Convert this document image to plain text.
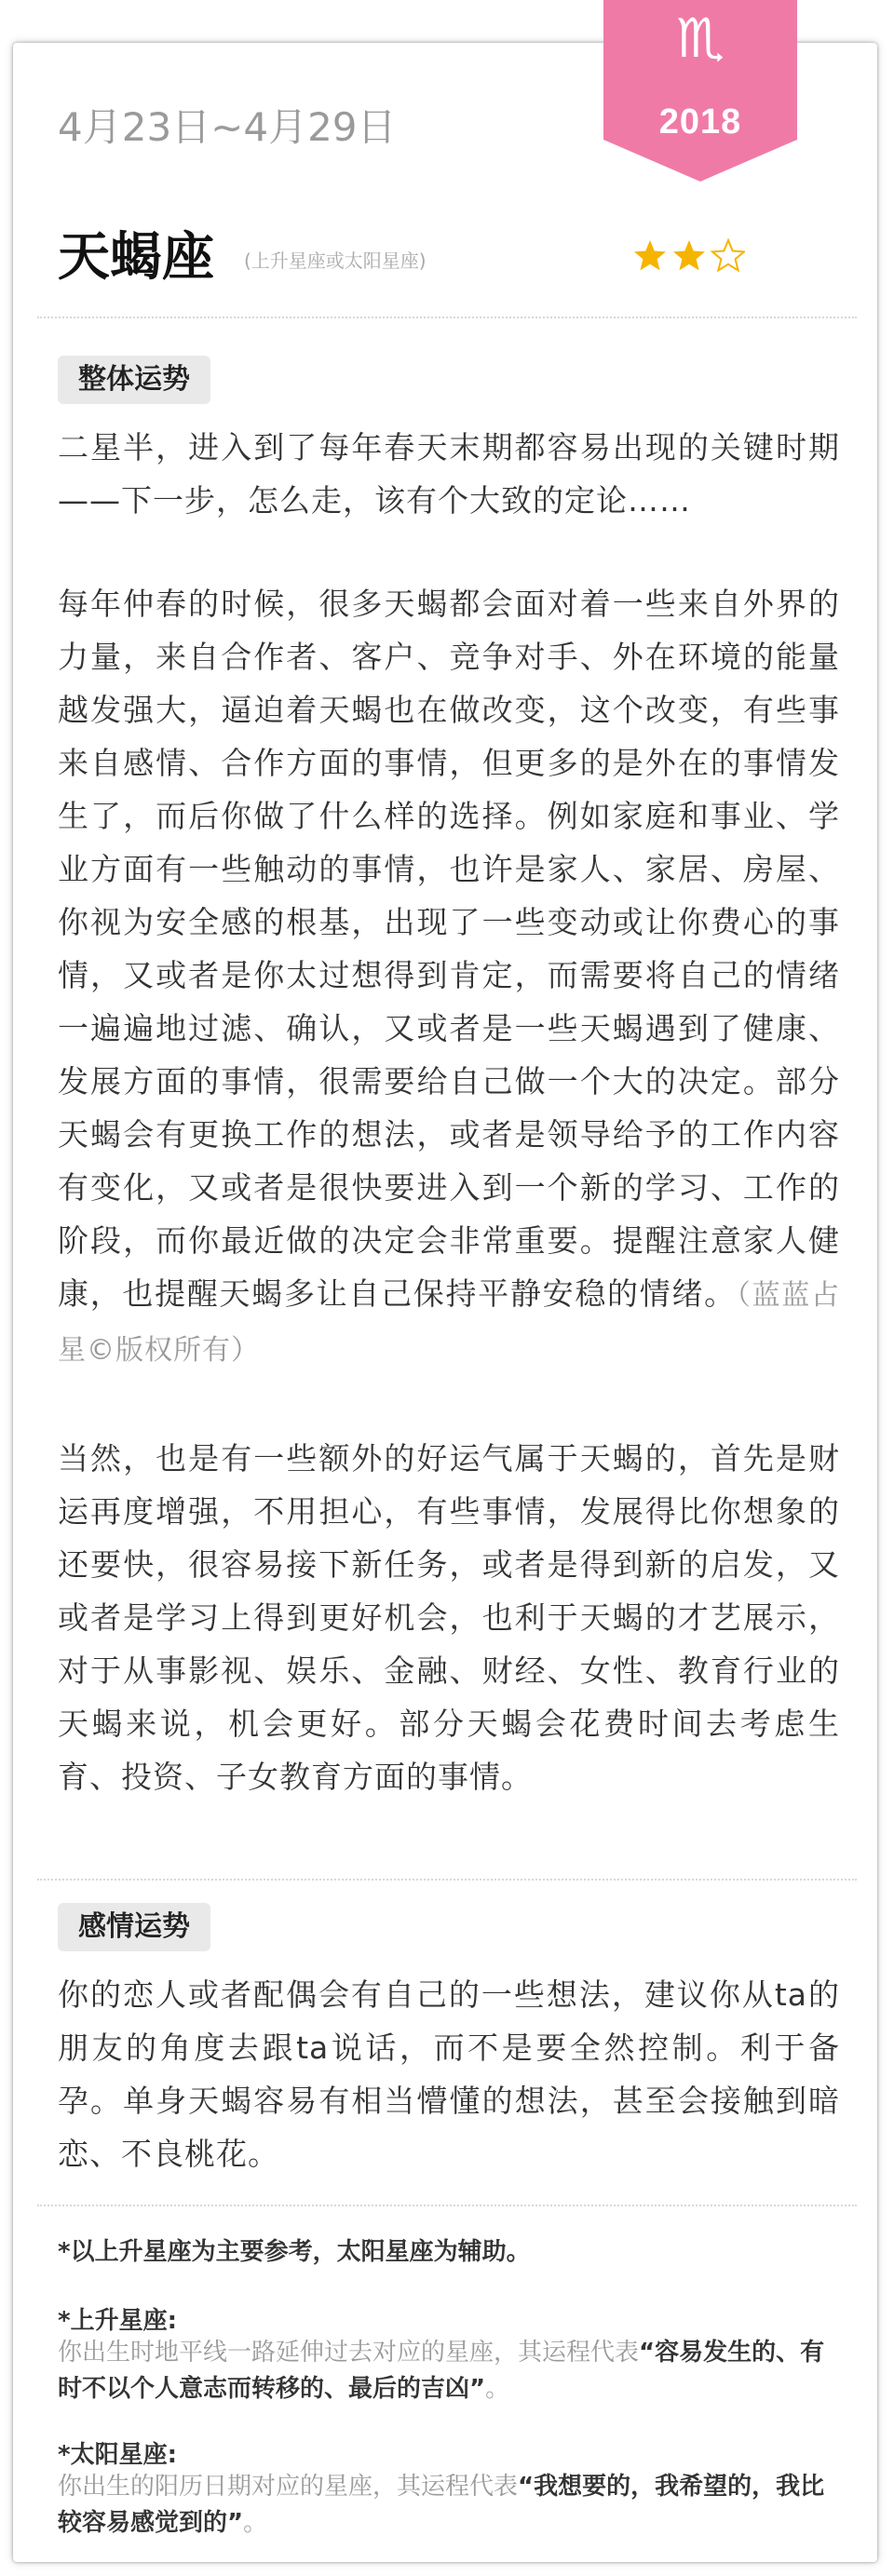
♏
2018
4月23日~4月29日
天蝎座 (上升星座或太阳星座)
整体运势
二星半，进入到了每年春天末期都容易出现的关键时期——下一步，怎么走，该有个大致的定论……
每年仲春的时候，很多天蝎都会面对着一些来自外界的力量，来自合作者、客户、竞争对手、外在环境的能量越发强大，逼迫着天蝎也在做改变，这个改变，有些事来自感情、合作方面的事情，但更多的是外在的事情发生了，而后你做了什么样的选择。例如家庭和事业、学业方面有一些触动的事情，也许是家人、家居、房屋、你视为安全感的根基，出现了一些变动或让你费心的事情，又或者是你太过想得到肯定，而需要将自己的情绪一遍遍地过滤、确认，又或者是一些天蝎遇到了健康、发展方面的事情，很需要给自己做一个大的决定。部分天蝎会有更换工作的想法，或者是领导给予的工作内容有变化，又或者是很快要进入到一个新的学习、工作的阶段，而你最近做的决定会非常重要。提醒注意家人健康，也提醒天蝎多让自己保持平静安稳的情绪。（蓝蓝占星©版权所有）
当然，也是有一些额外的好运气属于天蝎的，首先是财运再度增强，不用担心，有些事情，发展得比你想象的还要快，很容易接下新任务，或者是得到新的启发，又或者是学习上得到更好机会，也利于天蝎的才艺展示，对于从事影视、娱乐、金融、财经、女性、教育行业的天蝎来说，机会更好。部分天蝎会花费时间去考虑生育、投资、子女教育方面的事情。
感情运势
你的恋人或者配偶会有自己的一些想法，建议你从ta的朋友的角度去跟ta说话，而不是要全然控制。利于备孕。单身天蝎容易有相当懵懂的想法，甚至会接触到暗恋、不良桃花。
*以上升星座为主要参考，太阳星座为辅助。
*上升星座:
你出生时地平线一路延伸过去对应的星座，其运程代表“容易发生的、有时不以个人意志而转移的、最后的吉凶”。
*太阳星座:
你出生的阳历日期对应的星座，其运程代表“我想要的，我希望的，我比较容易感觉到的”。
